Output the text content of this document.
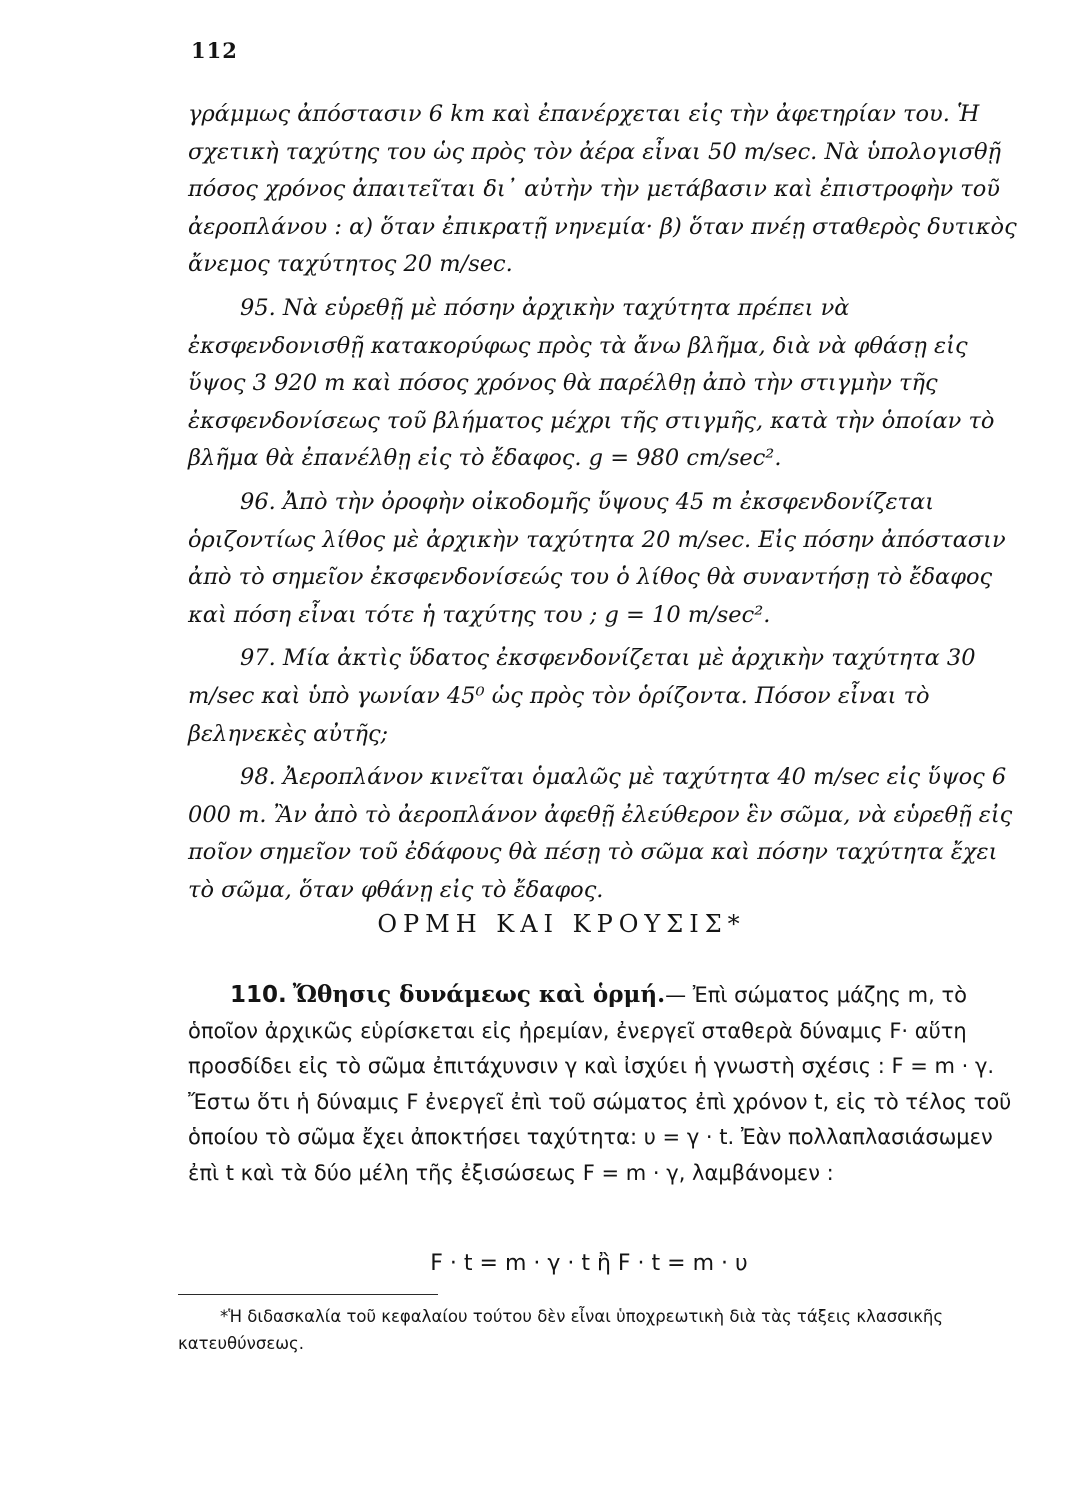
112

γράμμως ἀπόστασιν 6 km καὶ ἐπανέρχεται εἰς τὴν ἀφετηρίαν του. Ἡ σχετικὴ ταχύτης του ὡς πρὸς τὸν ἀέρα εἶναι 50 m/sec. Νὰ ὑπολογισθῇ πόσος χρόνος ἀπαιτεῖται δι᾽ αὐτὴν τὴν μετάβασιν καὶ ἐπιστροφὴν τοῦ ἀεροπλάνου : α) ὅταν ἐπικρατῇ νηνεμία· β) ὅταν πνέῃ σταθερὸς δυτικὸς ἄνεμος ταχύτητος 20 m/sec.

95. Νὰ εὑρεθῇ μὲ πόσην ἀρχικὴν ταχύτητα πρέπει νὰ ἐκσφενδονισθῇ κατακορύφως πρὸς τὰ ἄνω βλῆμα, διὰ νὰ φθάσῃ εἰς ὕψος 3 920 m καὶ πόσος χρόνος θὰ παρέλθῃ ἀπὸ τὴν στιγμὴν τῆς ἐκσφενδονίσεως τοῦ βλήματος μέχρι τῆς στιγμῆς, κατὰ τὴν ὁποίαν τὸ βλῆμα θὰ ἐπανέλθῃ εἰς τὸ ἔδαφος. g = 980 cm/sec².

96. Ἀπὸ τὴν ὀροφὴν οἰκοδομῆς ὕψους 45 m ἐκσφενδονίζεται ὁριζοντίως λίθος μὲ ἀρχικὴν ταχύτητα 20 m/sec. Εἰς πόσην ἀπόστασιν ἀπὸ τὸ σημεῖον ἐκσφενδονίσεώς του ὁ λίθος θὰ συναντήσῃ τὸ ἔδαφος καὶ πόση εἶναι τότε ἡ ταχύτης του ; g = 10 m/sec².

97. Μία ἀκτὶς ὕδατος ἐκσφενδονίζεται μὲ ἀρχικὴν ταχύτητα 30 m/sec καὶ ὑπὸ γωνίαν 45⁰ ὡς πρὸς τὸν ὁρίζοντα. Πόσον εἶναι τὸ βεληνεκὲς αὐτῆς;

98. Ἀεροπλάνον κινεῖται ὁμαλῶς μὲ ταχύτητα 40 m/sec εἰς ὕψος 6 000 m. Ἂν ἀπὸ τὸ ἀεροπλάνον ἀφεθῇ ἐλεύθερον ἓν σῶμα, νὰ εὑρεθῇ εἰς ποῖον σημεῖον τοῦ ἐδάφους θὰ πέσῃ τὸ σῶμα καὶ πόσην ταχύτητα ἔχει τὸ σῶμα, ὅταν φθάνῃ εἰς τὸ ἔδαφος.

ΟΡΜΗ ΚΑΙ ΚΡΟΥΣΙΣ*

110. Ὤθησις δυνάμεως καὶ ὁρμή.— Ἐπὶ σώματος μάζης m, τὸ ὁποῖον ἀρχικῶς εὑρίσκεται εἰς ἠρεμίαν, ἐνεργεῖ σταθερὰ δύναμις F· αὕτη προσδίδει εἰς τὸ σῶμα ἐπιτάχυνσιν γ καὶ ἰσχύει ἡ γνωστὴ σχέσις : F = m · γ. Ἔστω ὅτι ἡ δύναμις F ἐνεργεῖ ἐπὶ τοῦ σώματος ἐπὶ χρόνον t, εἰς τὸ τέλος τοῦ ὁποίου τὸ σῶμα ἔχει ἀποκτήσει ταχύτητα: υ = γ · t. Ἐὰν πολλαπλασιάσωμεν ἐπὶ t καὶ τὰ δύο μέλη τῆς ἐξισώσεως F = m · γ, λαμβάνομεν :

F · t = m · γ · t ἢ F · t = m · υ

*Ἡ διδασκαλία τοῦ κεφαλαίου τούτου δὲν εἶναι ὑποχρεωτικὴ διὰ τὰς τάξεις κλασσικῆς κατευθύνσεως.
